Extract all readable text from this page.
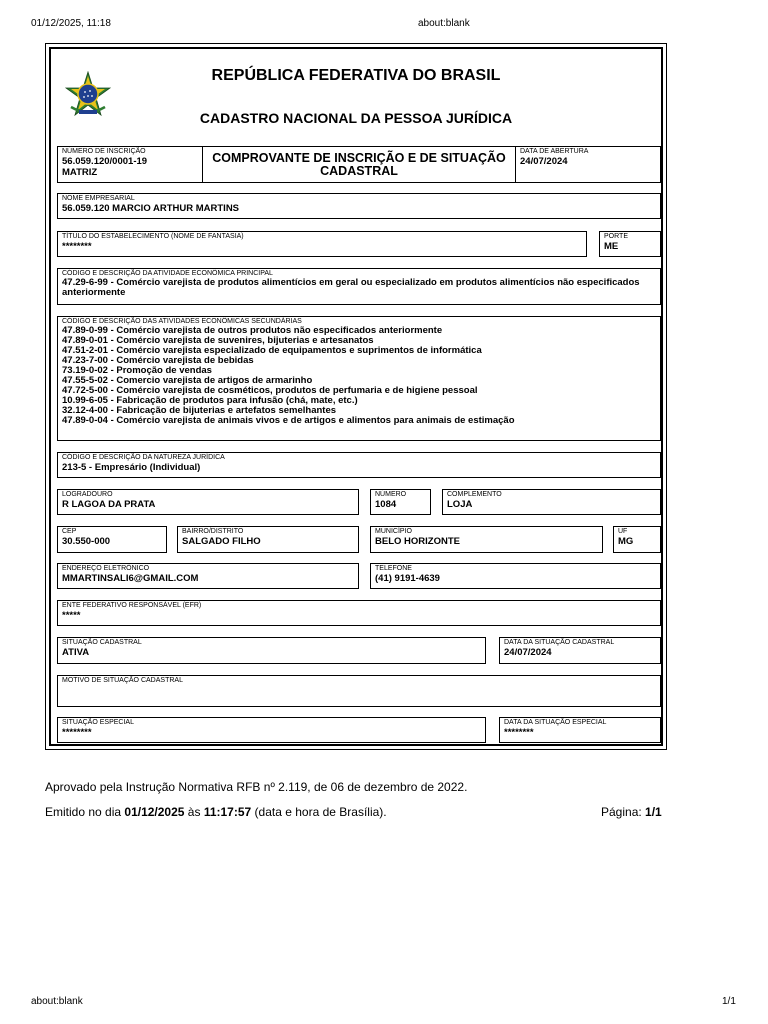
01/12/2025, 11:18	about:blank
REPÚBLICA FEDERATIVA DO BRASIL
CADASTRO NACIONAL DA PESSOA JURÍDICA
NÚMERO DE INSCRIÇÃO
56.059.120/0001-19
MATRIZ
COMPROVANTE DE INSCRIÇÃO E DE SITUAÇÃO CADASTRAL
DATA DE ABERTURA
24/07/2024
NOME EMPRESARIAL
56.059.120 MARCIO ARTHUR MARTINS
TÍTULO DO ESTABELECIMENTO (NOME DE FANTASIA)
********
PORTE
ME
CÓDIGO E DESCRIÇÃO DA ATIVIDADE ECONÔMICA PRINCIPAL
47.29-6-99 - Comércio varejista de produtos alimentícios em geral ou especializado em produtos alimentícios não especificados anteriormente
CÓDIGO E DESCRIÇÃO DAS ATIVIDADES ECONÔMICAS SECUNDÁRIAS
47.89-0-99 - Comércio varejista de outros produtos não especificados anteriormente
47.89-0-01 - Comércio varejista de suvenires, bijuterias e artesanatos
47.51-2-01 - Comércio varejista especializado de equipamentos e suprimentos de informática
47.23-7-00 - Comércio varejista de bebidas
73.19-0-02 - Promoção de vendas
47.55-5-02 - Comercio varejista de artigos de armarinho
47.72-5-00 - Comércio varejista de cosméticos, produtos de perfumaria e de higiene pessoal
10.99-6-05 - Fabricação de produtos para infusão (chá, mate, etc.)
32.12-4-00 - Fabricação de bijuterias e artefatos semelhantes
47.89-0-04 - Comércio varejista de animais vivos e de artigos e alimentos para animais de estimação
CÓDIGO E DESCRIÇÃO DA NATUREZA JURÍDICA
213-5 - Empresário (Individual)
LOGRADOURO
R LAGOA DA PRATA
NÚMERO
1084
COMPLEMENTO
LOJA
CEP
30.550-000
BAIRRO/DISTRITO
SALGADO FILHO
MUNICÍPIO
BELO HORIZONTE
UF
MG
ENDEREÇO ELETRÔNICO
MMARTINSALI6@GMAIL.COM
TELEFONE
(41) 9191-4639
ENTE FEDERATIVO RESPONSÁVEL (EFR)
*****
SITUAÇÃO CADASTRAL
ATIVA
DATA DA SITUAÇÃO CADASTRAL
24/07/2024
MOTIVO DE SITUAÇÃO CADASTRAL
SITUAÇÃO ESPECIAL
********
DATA DA SITUAÇÃO ESPECIAL
********
Aprovado pela Instrução Normativa RFB nº 2.119, de 06 de dezembro de 2022.
Emitido no dia 01/12/2025 às 11:17:57 (data e hora de Brasília).	Página: 1/1
about:blank	1/1
